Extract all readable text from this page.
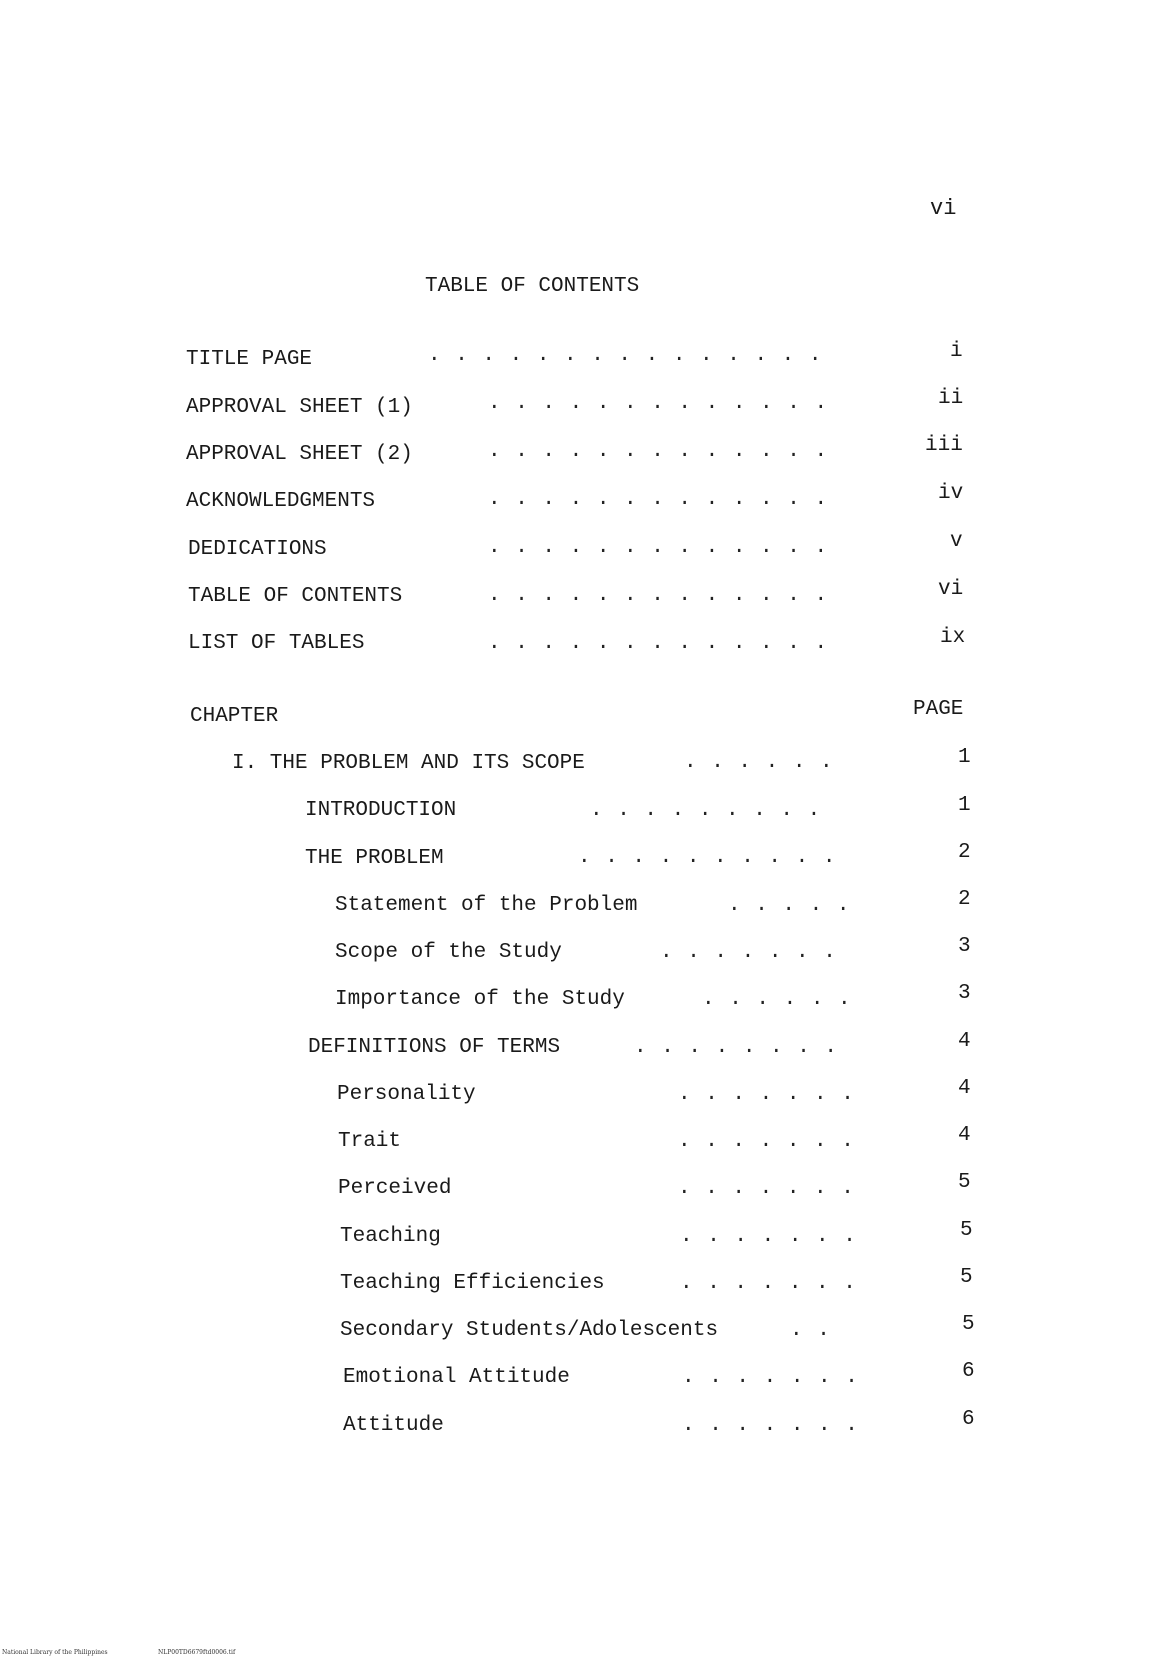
vi
TABLE OF CONTENTS
TITLE PAGE	. . . . . . . . . . . . . . .	i
APPROVAL SHEET (1)	. . . . . . . . . . . . .	ii
APPROVAL SHEET (2)	. . . . . . . . . . . . .	iii
ACKNOWLEDGMENTS	. . . . . . . . . . . . .	iv
DEDICATIONS	. . . . . . . . . . . . .	v
TABLE OF CONTENTS	. . . . . . . . . . . . .	vi
LIST OF TABLES	. . . . . . . . . . . . .	ix
CHAPTER	PAGE
I. THE PROBLEM AND ITS SCOPE	. . . . . .	1
INTRODUCTION	. . . . . . . . .	1
THE PROBLEM	. . . . . . . . . .	2
Statement of the Problem	. . . . .	2
Scope of the Study	. . . . . . .	3
Importance of the Study	. . . . . .	3
DEFINITIONS OF TERMS	. . . . . . . .	4
Personality	. . . . . . .	4
Trait	. . . . . . .	4
Perceived	. . . . . . .	5
Teaching	. . . . . . .	5
Teaching Efficiencies	. . . . . . .	5
Secondary Students/Adolescents	. .	5
Emotional Attitude	. . . . . . .	6
Attitude	. . . . . . .	6
National Library of the Philippines	NLP00TD6679ftd0006.tif
